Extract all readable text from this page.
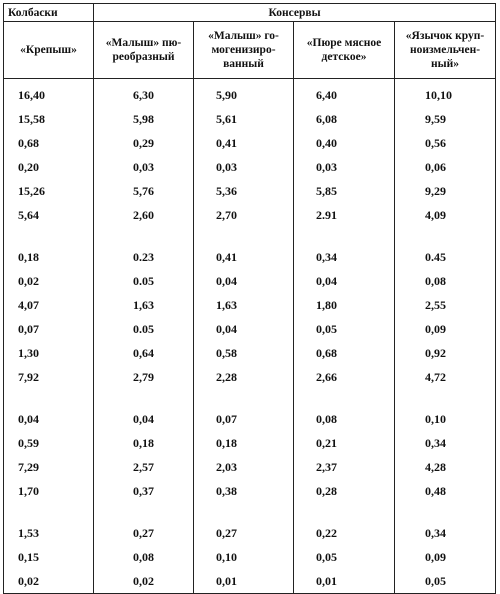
Колбаски	Консервы			
«Крепыш»	«Малыш» пю-реобразный	«Малыш» го-могенизиро-ванный	«Пюре мясное детское»	«Язычок круп-ноизмельчен-ный»
16,40	6,30	5,90	6,40	10,10
15,58	5,98	5,61	6,08	9,59
0,68	0,29	0,41	0,40	0,56
0,20	0,03	0,03	0,03	0,06
15,26	5,76	5,36	5,85	9,29
5,64	2,60	2,70	2.91	4,09

0,18	0.23	0,41	0,34	0.45
0,02	0.05	0,04	0,04	0,08
4,07	1,63	1,63	1,80	2,55
0,07	0.05	0,04	0,05	0,09
1,30	0,64	0,58	0,68	0,92
7,92	2,79	2,28	2,66	4,72

0,04	0,04	0,07	0,08	0,10
0,59	0,18	0,18	0,21	0,34
7,29	2,57	2,03	2,37	4,28
1,70	0,37	0,38	0,28	0,48

1,53	0,27	0,27	0,22	0,34
0,15	0,08	0,10	0,05	0,09
0,02	0,02	0,01	0,01	0,05
